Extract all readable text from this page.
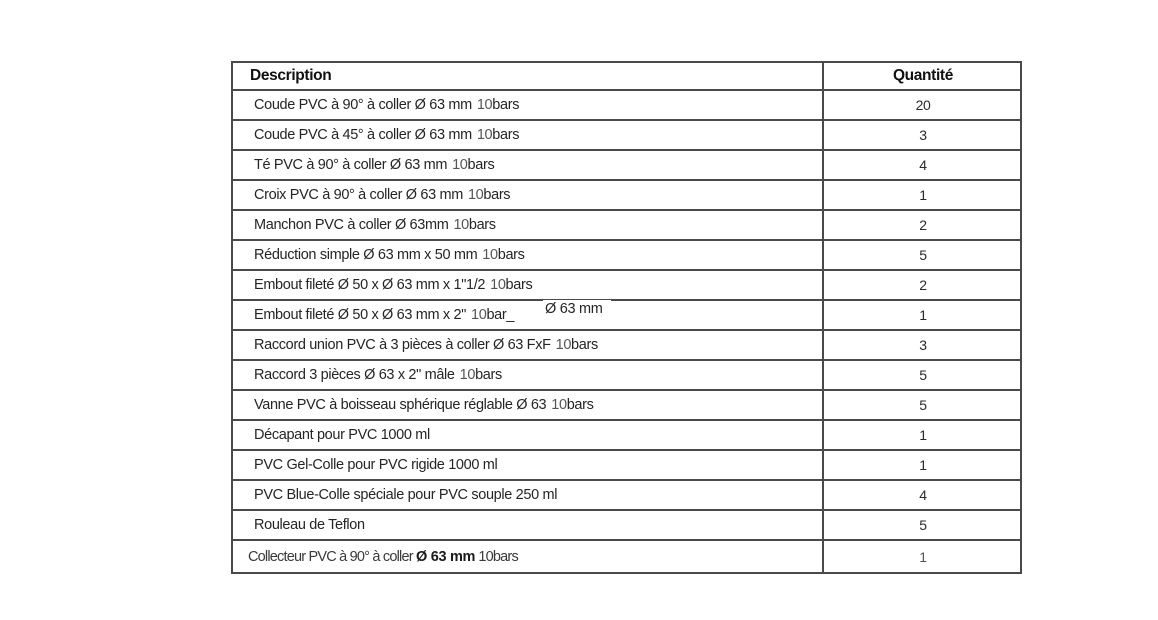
Description	Quantité
Coude PVC à 90° à coller Ø 63 mm 10bars	20
Coude PVC à 45° à coller Ø 63 mm 10bars	3
Té PVC à 90° à coller Ø 63 mm 10bars	4
Croix PVC à 90° à coller Ø 63 mm 10bars	1
Manchon PVC à coller Ø 63mm 10bars	2
Réduction simple Ø 63 mm x 50 mm 10bars	5
Embout fileté Ø 50 x Ø 63 mm x 1"1/2 10bars	2
Embout fileté Ø 50 x Ø 63 mm x 2" 10bar_	1
Raccord union PVC à 3 pièces à coller Ø 63 FxF 10bars	3
Raccord 3 pièces Ø 63 x 2" mâle 10bars	5
Vanne PVC à boisseau sphérique réglable Ø 63 10bars	5
Décapant pour PVC 1000 ml	1
PVC Gel-Colle pour PVC rigide 1000 ml	1
PVC Blue-Colle spéciale pour PVC souple 250 ml	4
Rouleau de Teflon	5
Collecteur PVC à 90° à coller Ø 63 mm 10bars	1
Ø 63 mm
